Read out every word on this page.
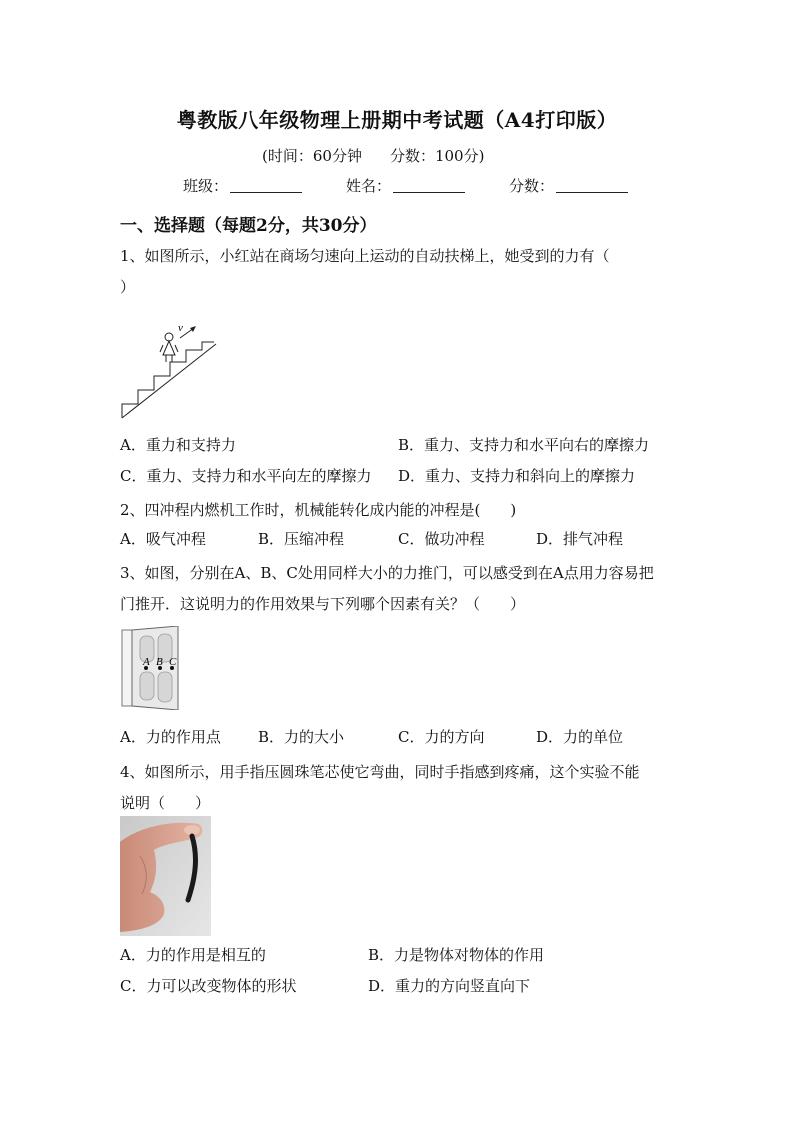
粤教版八年级物理上册期中考试题（A4打印版）
(时间：60分钟 分数：100分)
班级：	姓名：	分数：
一、选择题（每题2分，共30分）
1、如图所示，小红站在商场匀速向上运动的自动扶梯上，她受到的力有（
）
v
A．重力和支持力	B．重力、支持力和水平向右的摩擦力
C．重力、支持力和水平向左的摩擦力 D．重力、支持力和斜向上的摩擦力
2、四冲程内燃机工作时，机械能转化成内能的冲程是(　　)
A．吸气冲程	B．压缩冲程	C．做功冲程	D．排气冲程
3、如图，分别在A、B、C处用同样大小的力推门，可以感受到在A点用力容易把
门推开．这说明力的作用效果与下列哪个因素有关？（　　）
A B C
A．力的作用点 B．力的大小	C．力的方向	D．力的单位
4、如图所示，用手指压圆珠笔芯使它弯曲，同时手指感到疼痛，这个实验不能
说明（　　）
A．力的作用是相互的	B．力是物体对物体的作用
C．力可以改变物体的形状	D．重力的方向竖直向下
